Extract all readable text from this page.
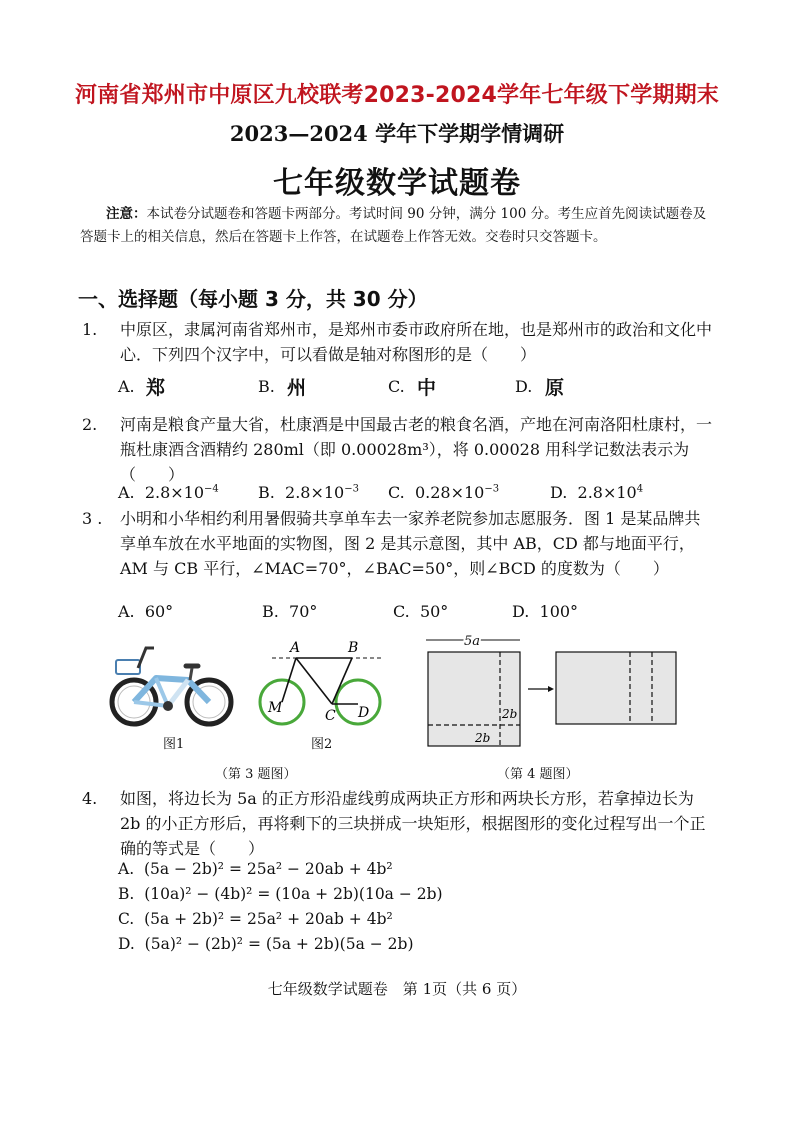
河南省郑州市中原区九校联考2023-2024学年七年级下学期期末
2023—2024 学年下学期学情调研
七年级数学试题卷
注意：本试卷分试题卷和答题卡两部分。考试时间 90 分钟，满分 100 分。考生应首先阅读试题卷及答题卡上的相关信息，然后在答题卡上作答，在试题卷上作答无效。交卷时只交答题卡。
一、选择题（每小题 3 分，共 30 分）
1. 中原区，隶属河南省郑州市，是郑州市委市政府所在地，也是郑州市的政治和文化中心．下列四个汉字中，可以看做是轴对称图形的是（　　）
A. 郑	B. 州	C. 中	D. 原
2. 河南是粮食产量大省，杜康酒是中国最古老的粮食名酒，产地在河南洛阳杜康村，一瓶杜康酒含酒精约 280ml（即 0.00028m³），将 0.00028 用科学记数法表示为（　　）
A. $2.8\times 10^{-4}$ B. $2.8\times 10^{-3}$ C. $0.28\times 10^{-3}$	D. $2.8\times 10^4$
3 . 小明和小华相约利用暑假骑共享单车去一家养老院参加志愿服务．图 1 是某品牌共享单车放在水平地面的实物图，图 2 是其示意图，其中 AB，CD 都与地面平行，AM 与 CB 平行，∠MAC=70°，∠BAC=50°，则∠BCD 的度数为（　　）
A. 60°	B. 70°	C. 50°	D. 100°
图1
A	B
M	C D
图2
5a
2b
2b
（第 3 题图）	（第 4 题图）
4. 如图，将边长为 5a 的正方形沿虚线剪成两块正方形和两块长方形，若拿掉边长为 2b 的小正方形后，再将剩下的三块拼成一块矩形，根据图形的变化过程写出一个正确的等式是（　　）
A. (5a − 2b)² = 25a² − 20ab + 4b²
B. (10a)² − (4b)² = (10a + 2b)(10a − 2b)
C. (5a + 2b)² = 25a² + 20ab + 4b²
D. (5a)² − (2b)² = (5a + 2b)(5a − 2b)
七年级数学试题卷　第 1页（共 6 页）
